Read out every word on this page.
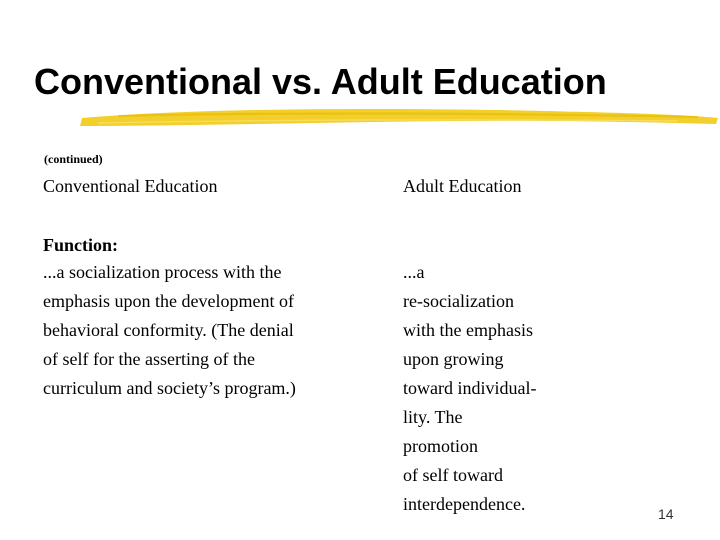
Conventional vs. Adult Education
(continued)
Conventional Education	Adult Education
Function:
...a socialization process with the
emphasis upon the development of
behavioral conformity. (The denial
of self for the asserting of the
curriculum and society’s program.)
...a
re-socialization
with the emphasis
upon growing
toward individual-
lity. The
promotion
of self toward
interdependence.	14
